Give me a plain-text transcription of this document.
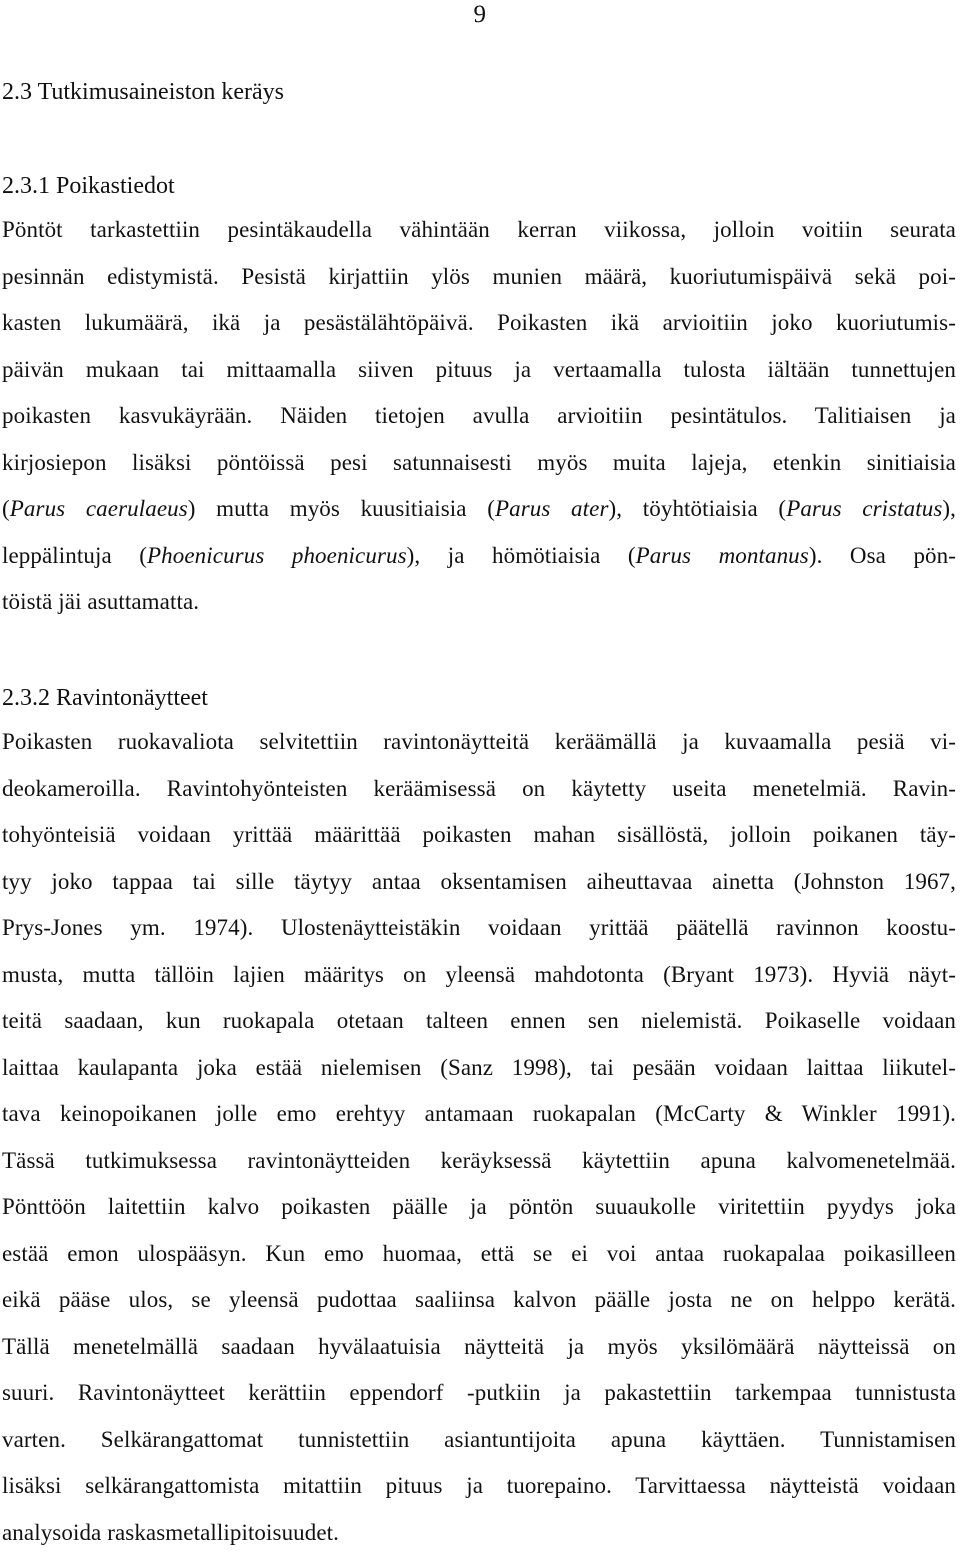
9
2.3 Tutkimusaineiston keräys
2.3.1 Poikastiedot
Pöntöt tarkastettiin pesintäkaudella vähintään kerran viikossa, jolloin voitiin seurata
pesinnän edistymistä. Pesistä kirjattiin ylös munien määrä, kuoriutumispäivä sekä poi-
kasten lukumäärä, ikä ja pesästälähtöpäivä. Poikasten ikä arvioitiin joko kuoriutumis-
päivän mukaan tai mittaamalla siiven pituus ja vertaamalla tulosta iältään tunnettujen
poikasten kasvukäyrään. Näiden tietojen avulla arvioitiin pesintätulos. Talitiaisen ja
kirjosiepon lisäksi pöntöissä pesi satunnaisesti myös muita lajeja, etenkin sinitiaisia
(Parus caerulaeus) mutta myös kuusitiaisia (Parus ater), töyhtötiaisia (Parus cristatus),
leppälintuja (Phoenicurus phoenicurus), ja hömötiaisia (Parus montanus). Osa pön-
töistä jäi asuttamatta.
2.3.2 Ravintonäytteet
Poikasten ruokavaliota selvitettiin ravintonäytteitä keräämällä ja kuvaamalla pesiä vi-
deokameroilla. Ravintohyönteisten keräämisessä on käytetty useita menetelmiä. Ravin-
tohyönteisiä voidaan yrittää määrittää poikasten mahan sisällöstä, jolloin poikanen täy-
tyy joko tappaa tai sille täytyy antaa oksentamisen aiheuttavaa ainetta (Johnston 1967,
Prys-Jones ym. 1974). Ulostenäytteistäkin voidaan yrittää päätellä ravinnon koostu-
musta, mutta tällöin lajien määritys on yleensä mahdotonta (Bryant 1973). Hyviä näyt-
teitä saadaan, kun ruokapala otetaan talteen ennen sen nielemistä. Poikaselle voidaan
laittaa kaulapanta joka estää nielemisen (Sanz 1998), tai pesään voidaan laittaa liikutel-
tava keinopoikanen jolle emo erehtyy antamaan ruokapalan (McCarty & Winkler 1991).
Tässä tutkimuksessa ravintonäytteiden keräyksessä käytettiin apuna kalvomenetelmää.
Pönttöön laitettiin kalvo poikasten päälle ja pöntön suuaukolle viritettiin pyydys joka
estää emon ulospääsyn. Kun emo huomaa, että se ei voi antaa ruokapalaa poikasilleen
eikä pääse ulos, se yleensä pudottaa saaliinsa kalvon päälle josta ne on helppo kerätä.
Tällä menetelmällä saadaan hyvälaatuisia näytteitä ja myös yksilömäärä näytteissä on
suuri. Ravintonäytteet kerättiin eppendorf -putkiin ja pakastettiin tarkempaa tunnistusta
varten. Selkärangattomat tunnistettiin asiantuntijoita apuna käyttäen. Tunnistamisen
lisäksi selkärangattomista mitattiin pituus ja tuorepaino. Tarvittaessa näytteistä voidaan
analysoida raskasmetallipitoisuudet.
